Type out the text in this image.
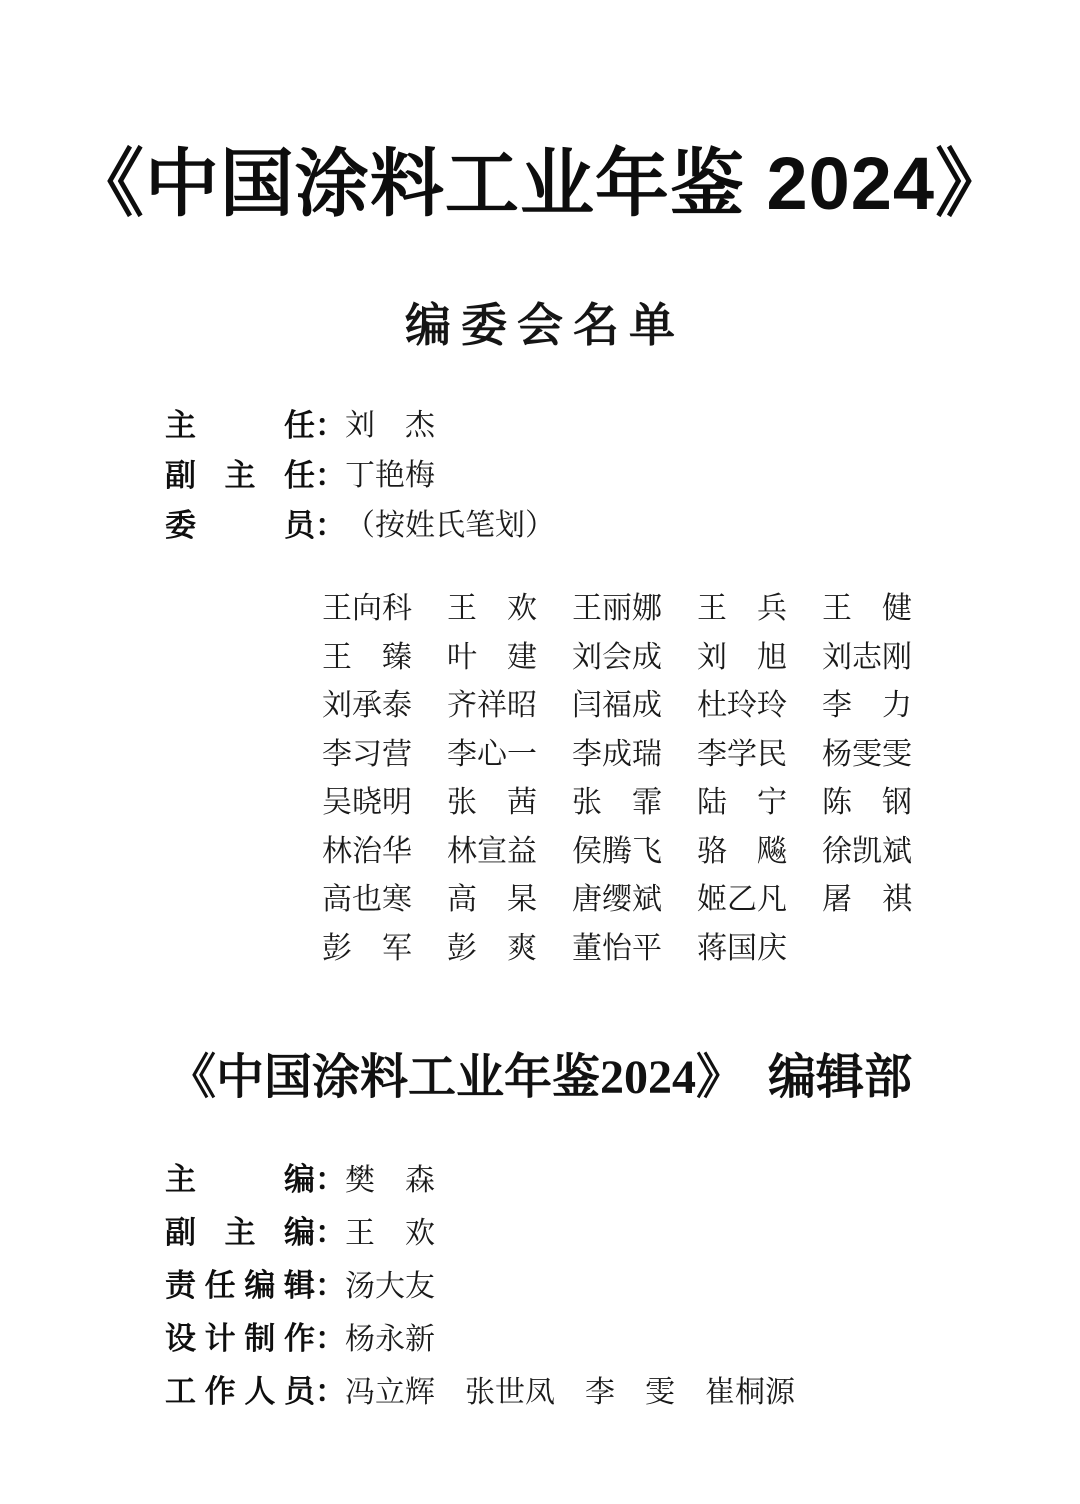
《中国涂料工业年鉴 2024》
编委会名单
主	任 ： 刘　杰
副 主 任 ： 丁艳梅
委	员 ： （按姓氏笔划）
王向科 王　欢 王丽娜 王　兵 王　健
王　臻 叶　建 刘会成 刘　旭 刘志刚
刘承泰 齐祥昭 闫福成 杜玲玲 李　力
李习营 李心一 李成瑞 李学民 杨雯雯
吴晓明 张　茜 张　霏 陆　宁 陈　钢
林治华 林宣益 侯腾飞 骆　飚 徐凯斌
高也寒 高　杲 唐缨斌 姬乙凡 屠　祺
彭　军 彭　爽 董怡平 蒋国庆
《中国涂料工业年鉴2024》　编辑部
主	编 ： 樊　森
副 主 编 ： 王　欢
责 任 编 辑 ： 汤大友
设 计 制 作 ： 杨永新
工 作 人 员 ： 冯立辉　张世凤　李　雯　崔桐源
